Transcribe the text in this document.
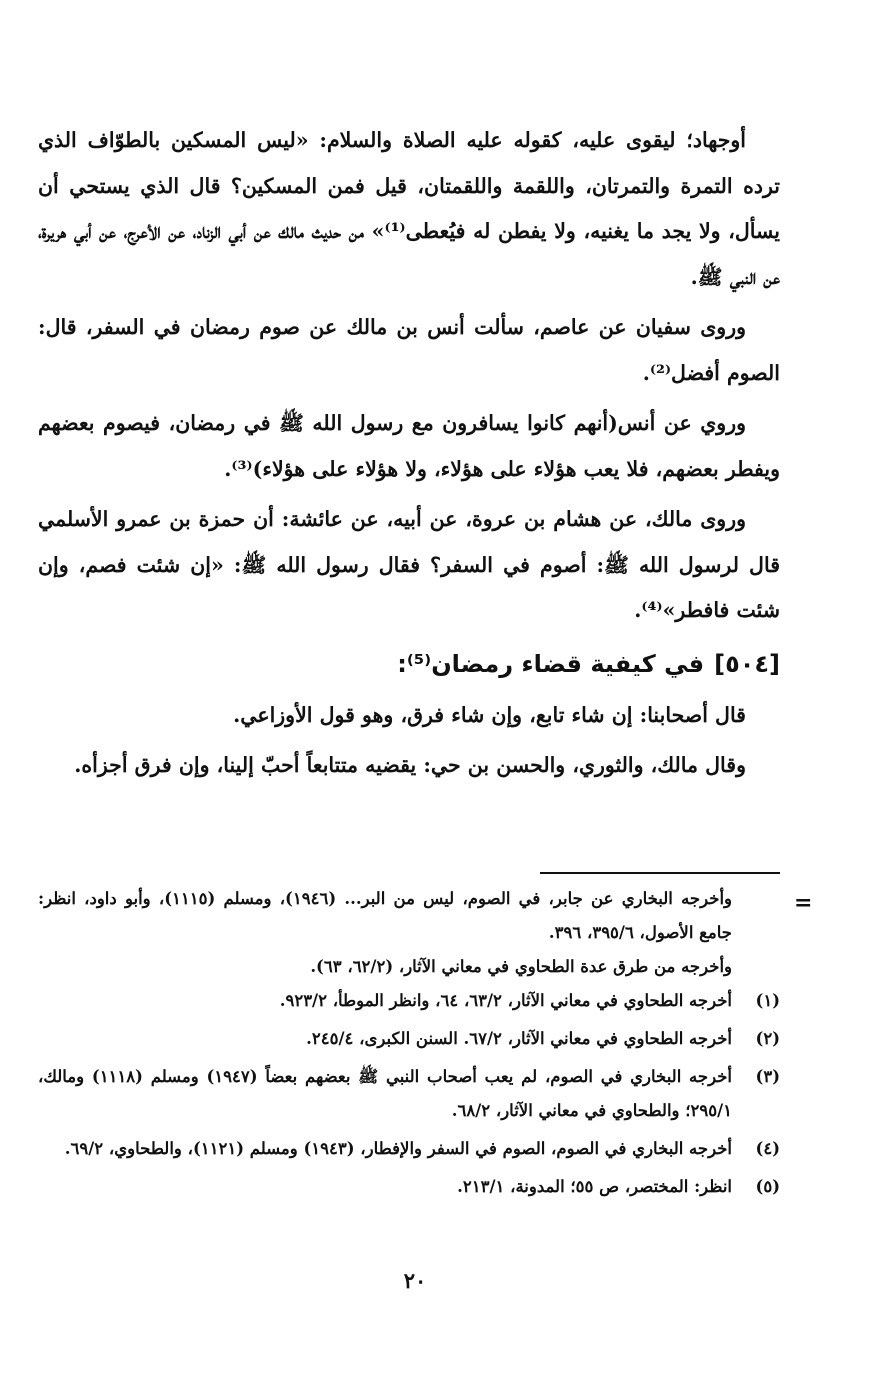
أوجهاد؛ ليقوى عليه، كقوله عليه الصلاة والسلام: «ليس المسكين بالطوّاف الذي ترده التمرة والتمرتان، واللقمة واللقمتان، قيل فمن المسكين؟ قال الذي يستحي أن يسأل، ولا يجد ما يغنيه، ولا يفطن له فيُعطى⁽¹⁾» من حديث مالك عن أبي الزناد، عن الأعرج، عن أبي هريرة، عن النبي ﷺ.

وروى سفيان عن عاصم، سألت أنس بن مالك عن صوم رمضان في السفر، قال: الصوم أفضل⁽²⁾.

وروي عن أنس(أنهم كانوا يسافرون مع رسول الله ﷺ في رمضان، فيصوم بعضهم ويفطر بعضهم، فلا يعب هؤلاء على هؤلاء، ولا هؤلاء على هؤلاء)⁽³⁾.

وروى مالك، عن هشام بن عروة، عن أبيه، عن عائشة: أن حمزة بن عمرو الأسلمي قال لرسول الله ﷺ: أصوم في السفر؟ فقال رسول الله ﷺ: «إن شئت فصم، وإن شئت فافطر»⁽⁴⁾.

[٥٠٤]في كيفية قضاء رمضان⁽⁵⁾:

قال أصحابنا: إن شاء تابع، وإن شاء فرق، وهو قول الأوزاعي.

وقال مالك، والثوري، والحسن بن حي: يقضيه متتابعاً أحبّ إلينا، وإن فرق أجزأه.

=

وأخرجه البخاري عن جابر، في الصوم، ليس من البر... (١٩٤٦)، ومسلم (١١١٥)، وأبو داود، انظر: جامع الأصول، ٣٩٥/٦، ٣٩٦.

وأخرجه من طرق عدة الطحاوي في معاني الآثار، (٦٢/٢، ٦٣).

(١)
أخرجه الطحاوي في معاني الآثار، ٦٣/٢، ٦٤، وانظر الموطأ، ٩٢٣/٢.

(٢)
أخرجه الطحاوي في معاني الآثار، ٦٧/٢. السنن الكبرى، ٢٤٥/٤.

(٣)
أخرجه البخاري في الصوم، لم يعب أصحاب النبي ﷺ بعضهم بعضاً (١٩٤٧) ومسلم (١١١٨) ومالك، ٢٩٥/١؛ والطحاوي في معاني الآثار، ٦٨/٢.

(٤)
أخرجه البخاري في الصوم، الصوم في السفر والإفطار، (١٩٤٣) ومسلم (١١٢١)، والطحاوي، ٦٩/٢.

(٥)
انظر: المختصر، ص ٥٥؛ المدونة، ٢١٣/١.

٢٠
